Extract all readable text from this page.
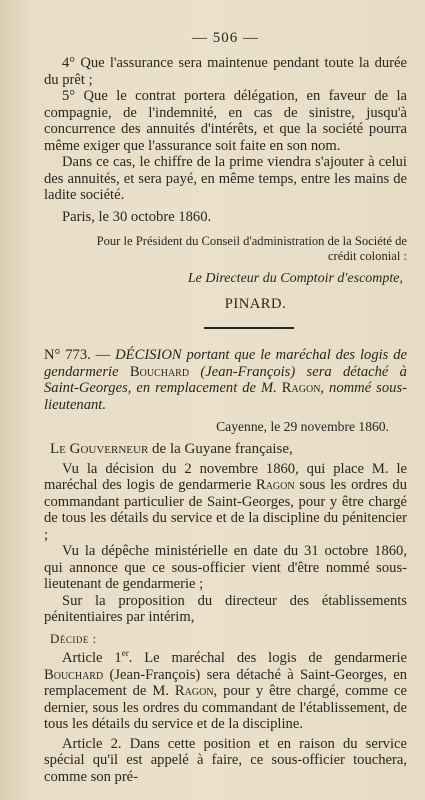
— 506 —

4° Que l'assurance sera maintenue pendant toute la durée du prêt ;

5° Que le contrat portera délégation, en faveur de la compagnie, de l'indemnité, en cas de sinistre, jusqu'à concurrence des annuités d'intérêts, et que la société pourra même exiger que l'assurance soit faite en son nom.

Dans ce cas, le chiffre de la prime viendra s'ajouter à celui des annuités, et sera payé, en même temps, entre les mains de ladite société.

Paris, le 30 octobre 1860.

Pour le Président du Conseil d'administration de la Société de crédit colonial :
Le Directeur du Comptoir d'escompte,
PINARD.

N° 773. — DÉCISION portant que le maréchal des logis de gendarmerie Bouchard (Jean-François) sera détaché à Saint-Georges, en remplacement de M. Ragon, nommé sous-lieutenant.

Cayenne, le 29 novembre 1860.

Le Gouverneur de la Guyane française,

Vu la décision du 2 novembre 1860, qui place M. le maréchal des logis de gendarmerie Ragon sous les ordres du commandant particulier de Saint-Georges, pour y être chargé de tous les détails du service et de la discipline du pénitencier ;

Vu la dépêche ministérielle en date du 31 octobre 1860, qui annonce que ce sous-officier vient d'être nommé sous-lieutenant de gendarmerie ;

Sur la proposition du directeur des établissements pénitentiaires par intérim,

Décide :

Article 1er. Le maréchal des logis de gendarmerie Bouchard (Jean-François) sera détaché à Saint-Georges, en remplacement de M. Ragon, pour y être chargé, comme ce dernier, sous les ordres du commandant de l'établissement, de tous les détails du service et de la discipline.

Article 2. Dans cette position et en raison du service spécial qu'il est appelé à faire, ce sous-officier touchera, comme son pré-
